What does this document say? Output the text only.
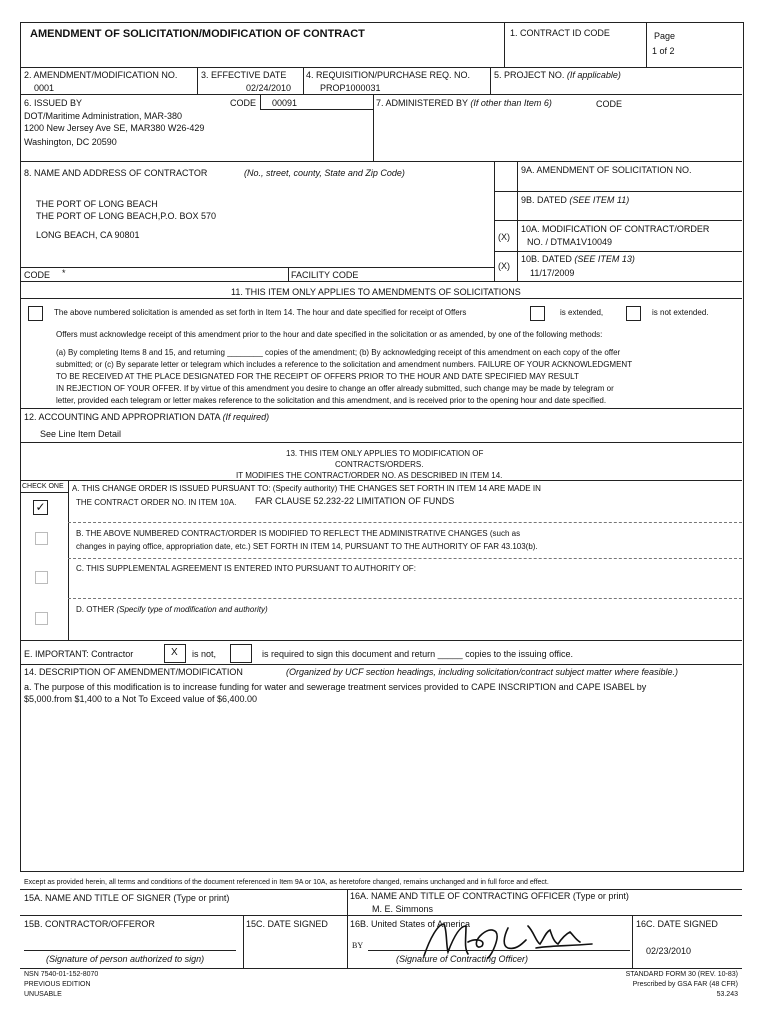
AMENDMENT OF SOLICITATION/MODIFICATION OF CONTRACT	1. CONTRACT ID CODE	Page
1 of 2
2. AMENDMENT/MODIFICATION NO.
0001
3. EFFECTIVE DATE
02/24/2010
4. REQUISITION/PURCHASE REQ. NO.
PROP1000031
5. PROJECT NO. (If applicable)
6. ISSUED BY	CODE 00091
DOT/Maritime Administration, MAR-380
1200 New Jersey Ave SE, MAR380 W26-429
Washington, DC 20590
7. ADMINISTERED BY (If other than Item 6)	CODE
8. NAME AND ADDRESS OF CONTRACTOR	(No., street, county, State and Zip Code)
THE PORT OF LONG BEACH
THE PORT OF LONG BEACH,P.O. BOX 570
LONG BEACH, CA 90801
CODE *	FACILITY CODE
9A. AMENDMENT OF SOLICITATION NO.
9B. DATED (SEE ITEM 11)
(X)
10A. MODIFICATION OF CONTRACT/ORDER
NO. / DTMA1V10049
(X)
10B. DATED (SEE ITEM 13)
11/17/2009
11. THIS ITEM ONLY APPLIES TO AMENDMENTS OF SOLICITATIONS
The above numbered solicitation is amended as set forth in Item 14. The hour and date specified for receipt of Offers	is extended,	is not extended.
Offers must acknowledge receipt of this amendment prior to the hour and date specified in the solicitation or as amended, by one of the following methods:
(a) By completing Items 8 and 15, and returning ________ copies of the amendment; (b) By acknowledging receipt of this amendment on each copy of the offer
submitted; or (c) By separate letter or telegram which includes a reference to the solicitation and amendment numbers. FAILURE OF YOUR ACKNOWLEDGMENT
TO BE RECEIVED AT THE PLACE DESIGNATED FOR THE RECEIPT OF OFFERS PRIOR TO THE HOUR AND DATE SPECIFIED MAY RESULT
IN REJECTION OF YOUR OFFER. If by virtue of this amendment you desire to change an offer already submitted, such change may be made by telegram or
letter, provided each telegram or letter makes reference to the solicitation and this amendment, and is received prior to the opening hour and date specified.
12. ACCOUNTING AND APPROPRIATION DATA (If required)
See Line Item Detail
13. THIS ITEM ONLY APPLIES TO MODIFICATION OF
CONTRACTS/ORDERS.
IT MODIFIES THE CONTRACT/ORDER NO. AS DESCRIBED IN ITEM 14.
CHECK ONE
✓
A. THIS CHANGE ORDER IS ISSUED PURSUANT TO: (Specify authority) THE CHANGES SET FORTH IN ITEM 14 ARE MADE IN
THE CONTRACT ORDER NO. IN ITEM 10A. FAR CLAUSE 52.232-22 LIMITATION OF FUNDS
B. THE ABOVE NUMBERED CONTRACT/ORDER IS MODIFIED TO REFLECT THE ADMINISTRATIVE CHANGES (such as
changes in paying office, appropriation date, etc.) SET FORTH IN ITEM 14, PURSUANT TO THE AUTHORITY OF FAR 43.103(b).
C. THIS SUPPLEMENTAL AGREEMENT IS ENTERED INTO PURSUANT TO AUTHORITY OF:
D. OTHER (Specify type of modification and authority)
E. IMPORTANT: Contractor	X is not,	is required to sign this document and return _____ copies to the issuing office.
14. DESCRIPTION OF AMENDMENT/MODIFICATION	(Organized by UCF section headings, including solicitation/contract subject matter where feasible.)
a. The purpose of this modification is to increase funding for water and sewerage treatment services provided to CAPE INSCRIPTION and CAPE ISABEL by
$5,000.from $1,400 to a Not To Exceed value of $6,400.00
Except as provided herein, all terms and conditions of the document referenced in Item 9A or 10A, as heretofore changed, remains unchanged and in full force and effect.
15A. NAME AND TITLE OF SIGNER (Type or print)	16A. NAME AND TITLE OF CONTRACTING OFFICER (Type or print)
M. E. Simmons
15B. CONTRACTOR/OFFEROR	15C. DATE SIGNED 16B. United States of America	16C. DATE SIGNED
02/23/2010
(Signature of person authorized to sign)
BY
(Signature of Contracting Officer)
NSN 7540-01-152-8070
PREVIOUS EDITION
UNUSABLE
STANDARD FORM 30 (REV. 10-83)
Prescribed by GSA FAR (48 CFR)
53.243
